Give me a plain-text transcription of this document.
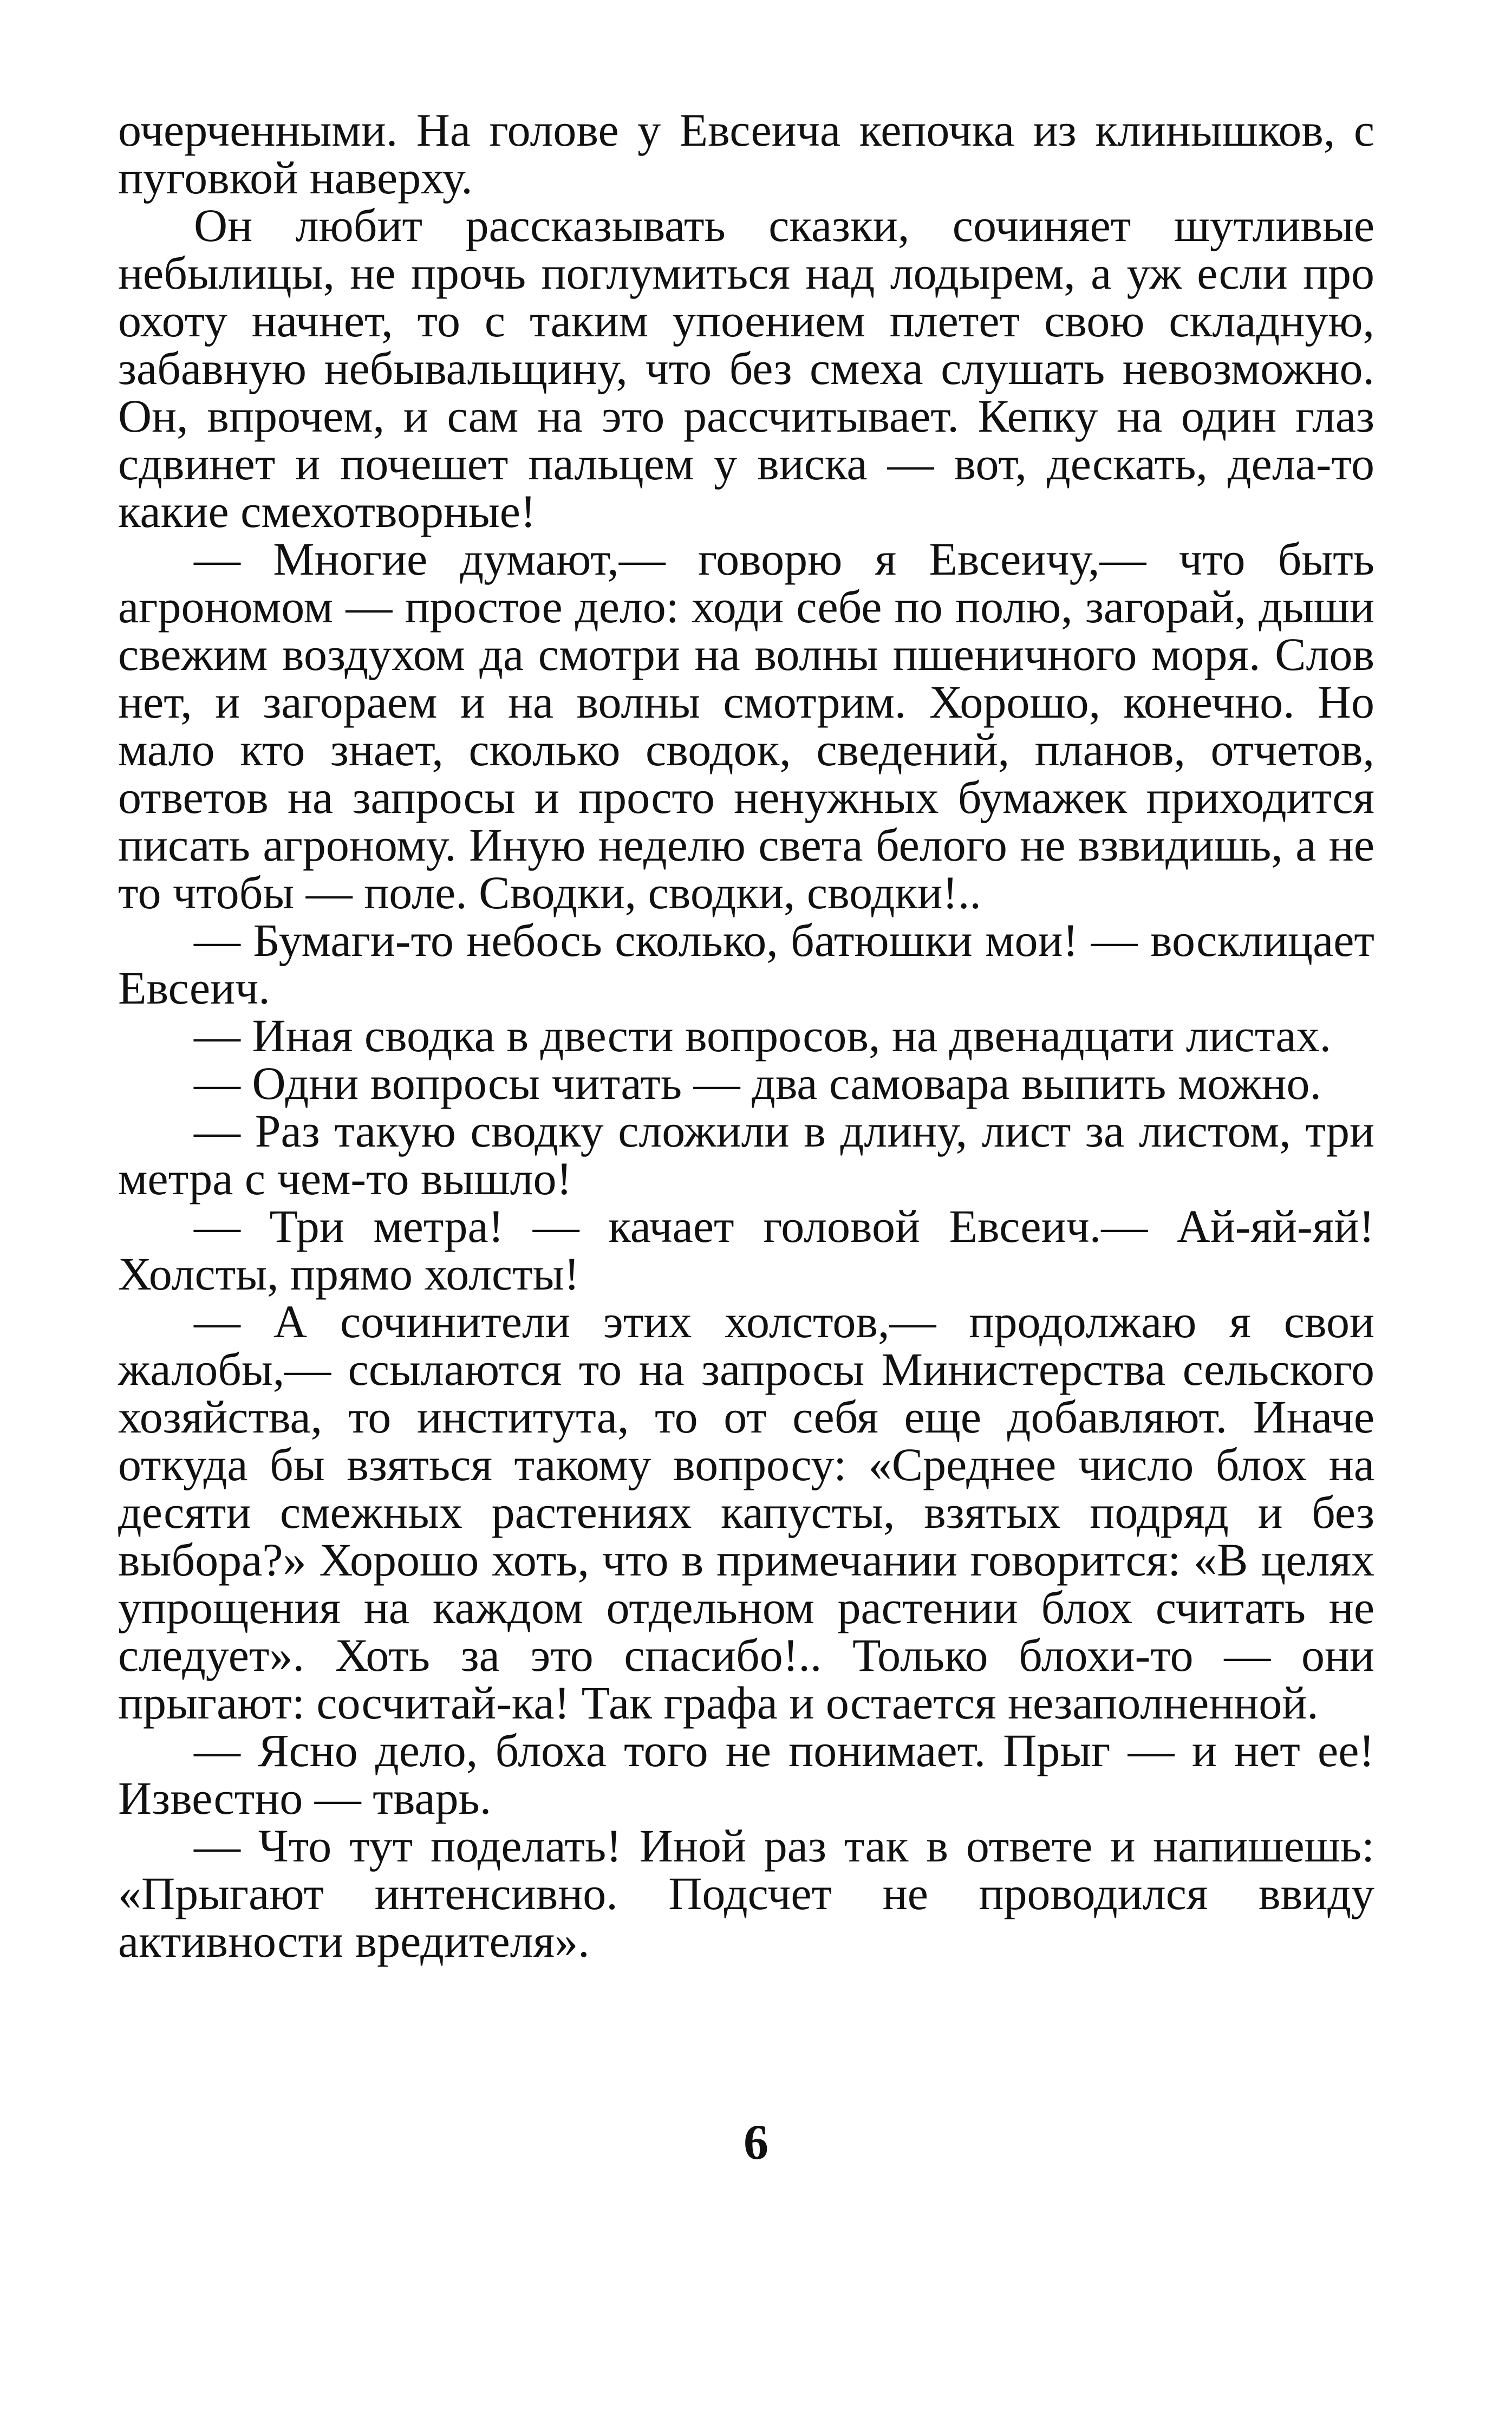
очерченными. На голове у Евсеича кепочка из клинышков, с пуговкой наверху.

Он любит рассказывать сказки, сочиняет шутливые небылицы, не прочь поглумиться над лодырем, а уж если про охоту начнет, то с таким упоением плетет свою складную, забавную небывальщину, что без смеха слушать невозможно. Он, впрочем, и сам на это рассчитывает. Кепку на один глаз сдвинет и почешет пальцем у виска — вот, дескать, дела-то какие смехотворные!

— Многие думают,— говорю я Евсеичу,— что быть агрономом — простое дело: ходи себе по полю, загорай, дыши свежим воздухом да смотри на волны пшеничного моря. Слов нет, и загораем и на волны смотрим. Хорошо, конечно. Но мало кто знает, сколько сводок, сведений, планов, отчетов, ответов на запросы и просто ненужных бумажек приходится писать агроному. Иную неделю света белого не взвидишь, а не то чтобы — поле. Сводки, сводки, сводки!..

— Бумаги-то небось сколько, батюшки мои! — восклицает Евсеич.

— Иная сводка в двести вопросов, на двенадцати листах.

— Одни вопросы читать — два самовара выпить можно.

— Раз такую сводку сложили в длину, лист за листом, три метра с чем-то вышло!

— Три метра! — качает головой Евсеич.— Ай-яй-яй! Холсты, прямо холсты!

— А сочинители этих холстов,— продолжаю я свои жалобы,— ссылаются то на запросы Министерства сельского хозяйства, то института, то от себя еще добавляют. Иначе откуда бы взяться такому вопросу: «Среднее число блох на десяти смежных растениях капусты, взятых подряд и без выбора?» Хорошо хоть, что в примечании говорится: «В целях упрощения на каждом отдельном растении блох считать не следует». Хоть за это спасибо!.. Только блохи-то — они прыгают: сосчитай-ка! Так графа и остается незаполненной.

— Ясно дело, блоха того не понимает. Прыг — и нет ее! Известно — тварь.

— Что тут поделать! Иной раз так в ответе и напишешь: «Прыгают интенсивно. Подсчет не проводился ввиду активности вредителя».

6
